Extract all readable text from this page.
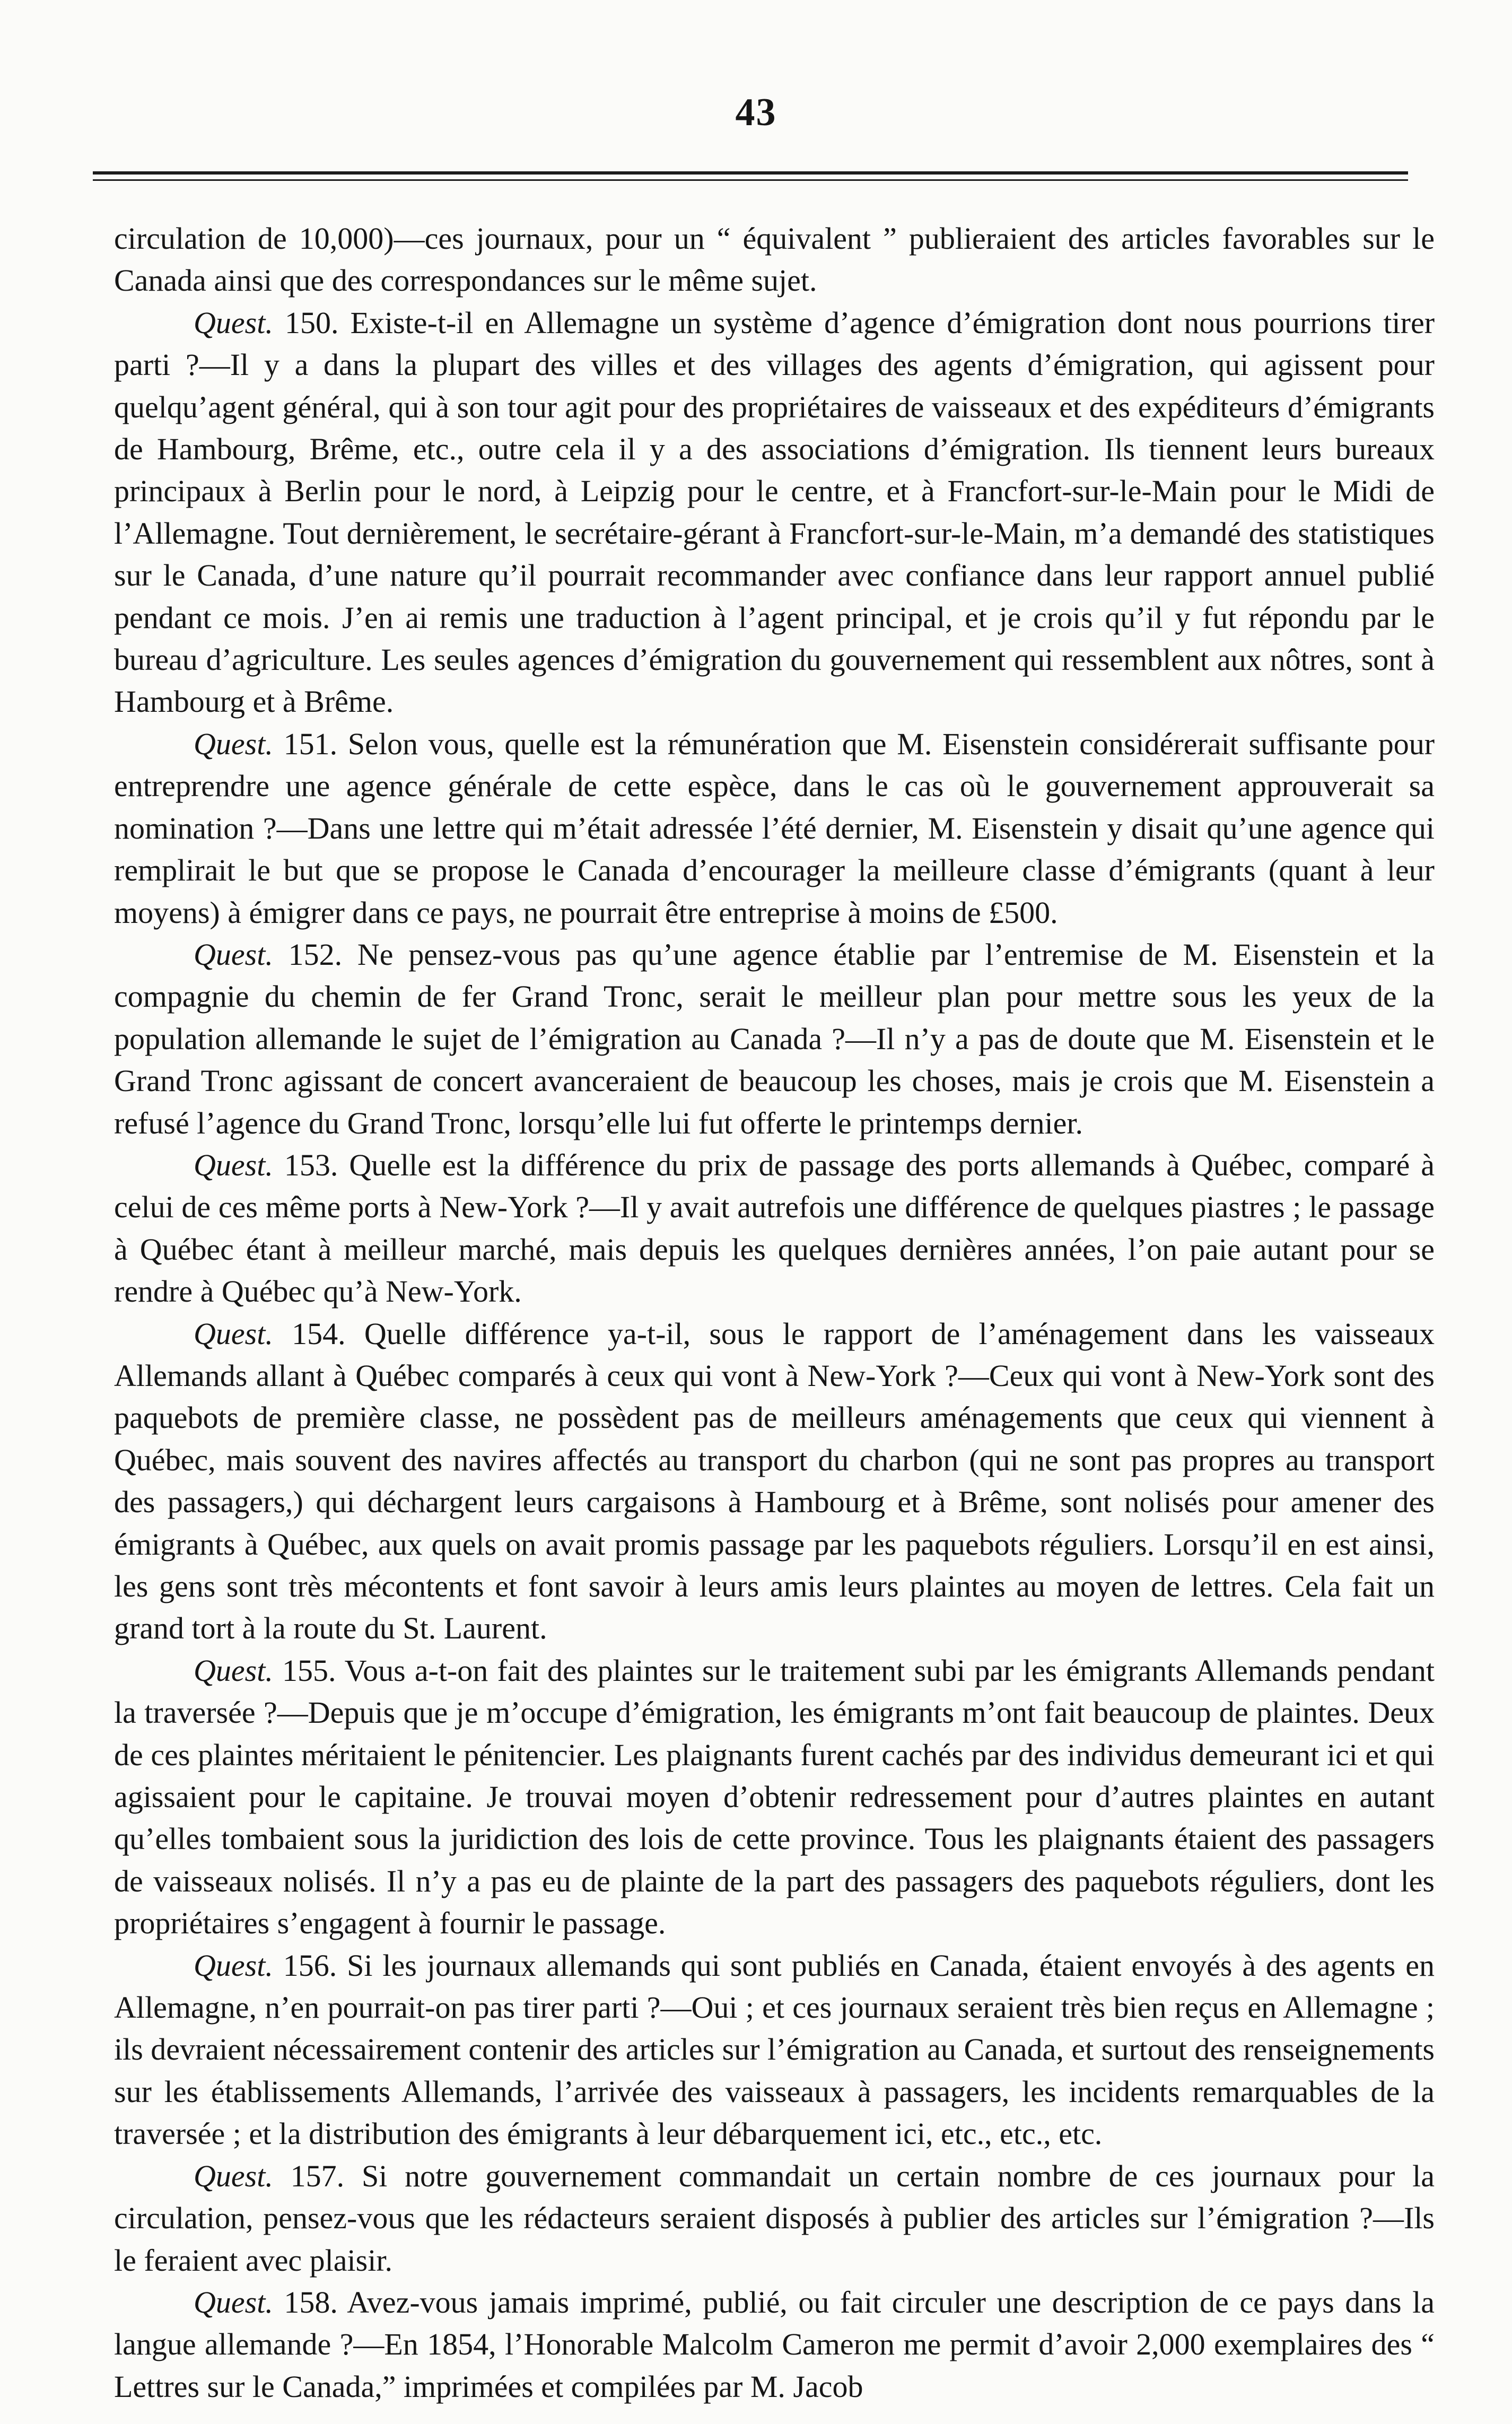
43

circulation de 10,000)—ces journaux, pour un “ équivalent ” publieraient des articles favorables sur le Canada ainsi que des correspondances sur le même sujet.

Quest. 150. Existe-t-il en Allemagne un système d’agence d’émigration dont nous pourrions tirer parti ?—Il y a dans la plupart des villes et des villages des agents d’émigration, qui agissent pour quelqu’agent général, qui à son tour agit pour des propriétaires de vaisseaux et des expéditeurs d’émigrants de Hambourg, Brême, etc., outre cela il y a des associations d’émigration. Ils tiennent leurs bureaux principaux à Berlin pour le nord, à Leipzig pour le centre, et à Francfort-sur-le-Main pour le Midi de l’Allemagne. Tout dernièrement, le secrétaire-gérant à Francfort-sur-le-Main, m’a demandé des statistiques sur le Canada, d’une nature qu’il pourrait recommander avec confiance dans leur rapport annuel publié pendant ce mois. J’en ai remis une traduction à l’agent principal, et je crois qu’il y fut répondu par le bureau d’agriculture. Les seules agences d’émigration du gouvernement qui ressemblent aux nôtres, sont à Hambourg et à Brême.

Quest. 151. Selon vous, quelle est la rémunération que M. Eisenstein considérerait suffisante pour entreprendre une agence générale de cette espèce, dans le cas où le gouvernement approuverait sa nomination ?—Dans une lettre qui m’était adressée l’été dernier, M. Eisenstein y disait qu’une agence qui remplirait le but que se propose le Canada d’encourager la meilleure classe d’émigrants (quant à leur moyens) à émigrer dans ce pays, ne pourrait être entreprise à moins de £500.

Quest. 152. Ne pensez-vous pas qu’une agence établie par l’entremise de M. Eisenstein et la compagnie du chemin de fer Grand Tronc, serait le meilleur plan pour mettre sous les yeux de la population allemande le sujet de l’émigration au Canada ?—Il n’y a pas de doute que M. Eisenstein et le Grand Tronc agissant de concert avanceraient de beaucoup les choses, mais je crois que M. Eisenstein a refusé l’agence du Grand Tronc, lorsqu’elle lui fut offerte le printemps dernier.

Quest. 153. Quelle est la différence du prix de passage des ports allemands à Québec, comparé à celui de ces même ports à New-York ?—Il y avait autrefois une différence de quelques piastres ; le passage à Québec étant à meilleur marché, mais depuis les quelques dernières années, l’on paie autant pour se rendre à Québec qu’à New-York.

Quest. 154. Quelle différence ya-t-il, sous le rapport de l’aménagement dans les vaisseaux Allemands allant à Québec comparés à ceux qui vont à New-York ?—Ceux qui vont à New-York sont des paquebots de première classe, ne possèdent pas de meilleurs aménagements que ceux qui viennent à Québec, mais souvent des navires affectés au transport du charbon (qui ne sont pas propres au transport des passagers,) qui déchargent leurs cargaisons à Hambourg et à Brême, sont nolisés pour amener des émigrants à Québec, aux quels on avait promis passage par les paquebots réguliers. Lorsqu’il en est ainsi, les gens sont très mécontents et font savoir à leurs amis leurs plaintes au moyen de lettres. Cela fait un grand tort à la route du St. Laurent.

Quest. 155. Vous a-t-on fait des plaintes sur le traitement subi par les émigrants Allemands pendant la traversée ?—Depuis que je m’occupe d’émigration, les émigrants m’ont fait beaucoup de plaintes. Deux de ces plaintes méritaient le pénitencier. Les plaignants furent cachés par des individus demeurant ici et qui agissaient pour le capitaine. Je trouvai moyen d’obtenir redressement pour d’autres plaintes en autant qu’elles tombaient sous la juridiction des lois de cette province. Tous les plaignants étaient des passagers de vaisseaux nolisés. Il n’y a pas eu de plainte de la part des passagers des paquebots réguliers, dont les propriétaires s’engagent à fournir le passage.

Quest. 156. Si les journaux allemands qui sont publiés en Canada, étaient envoyés à des agents en Allemagne, n’en pourrait-on pas tirer parti ?—Oui ; et ces journaux seraient très bien reçus en Allemagne ; ils devraient nécessairement contenir des articles sur l’émigration au Canada, et surtout des renseignements sur les établissements Allemands, l’arrivée des vaisseaux à passagers, les incidents remarquables de la traversée ; et la distribution des émigrants à leur débarquement ici, etc., etc., etc.

Quest. 157. Si notre gouvernement commandait un certain nombre de ces journaux pour la circulation, pensez-vous que les rédacteurs seraient disposés à publier des articles sur l’émigration ?—Ils le feraient avec plaisir.

Quest. 158. Avez-vous jamais imprimé, publié, ou fait circuler une description de ce pays dans la langue allemande ?—En 1854, l’Honorable Malcolm Cameron me permit d’avoir 2,000 exemplaires des “ Lettres sur le Canada,” imprimées et compilées par M. Jacob
